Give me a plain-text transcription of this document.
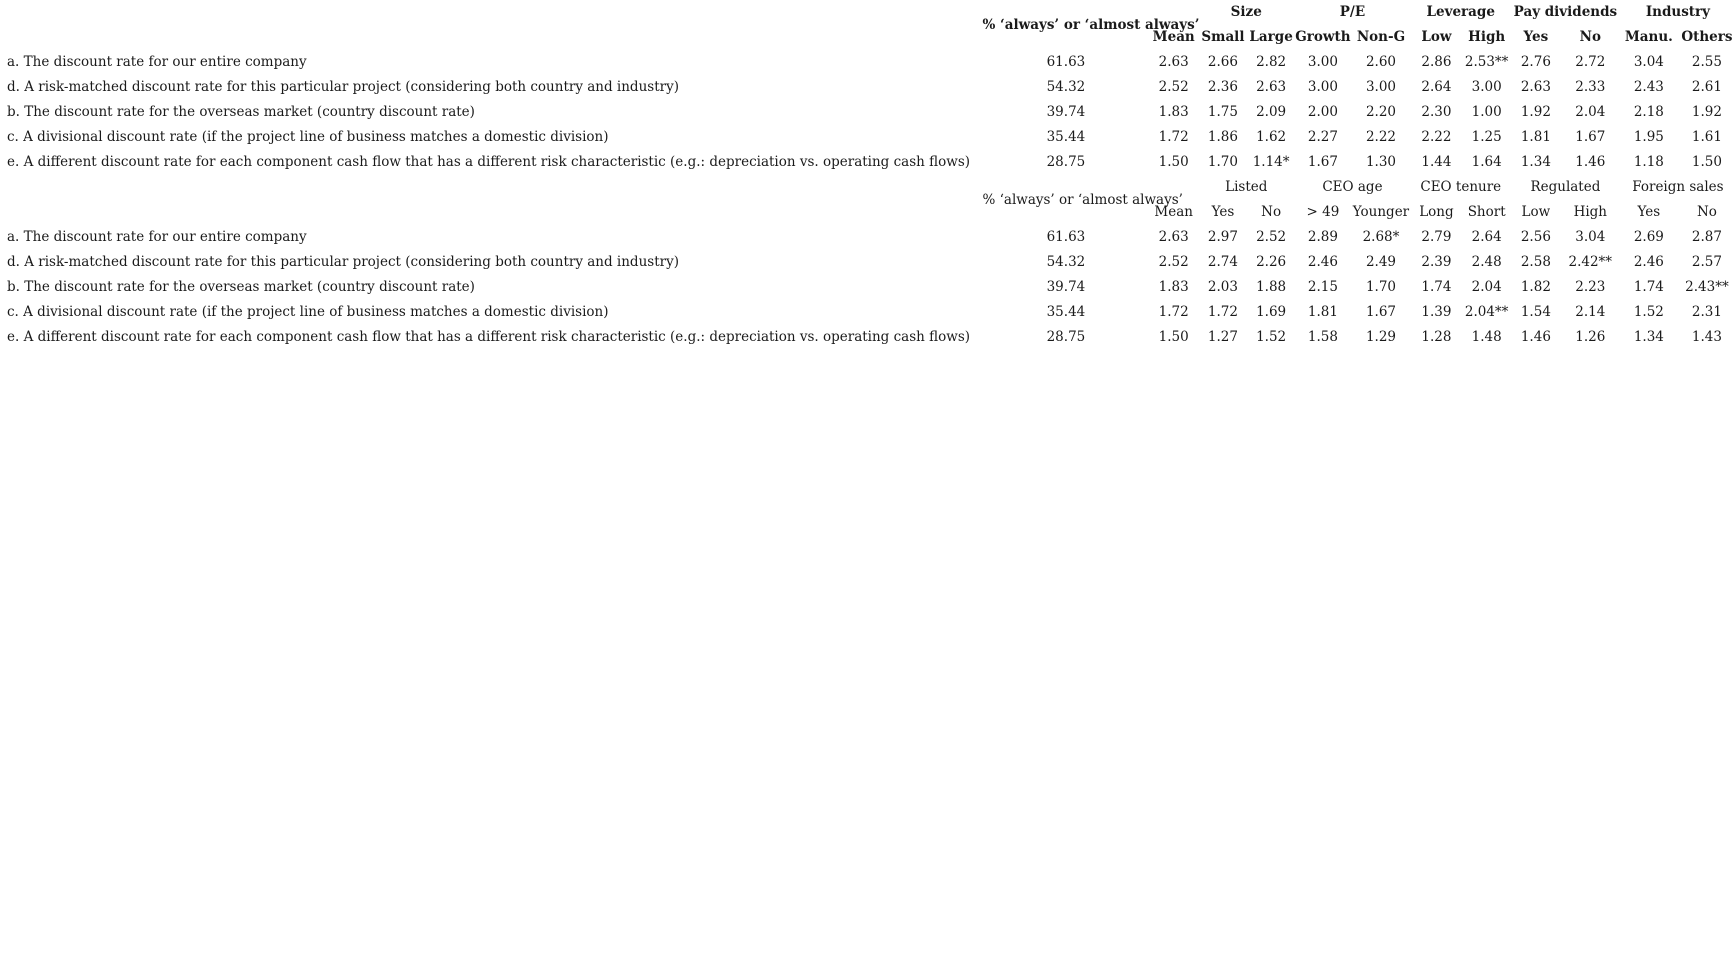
	% ‘always’ or ‘almost always’		Size		P/E		Leverage		Pay dividends		Industry	
		Mean	Small	Large	Growth	Non-G	Low	High	Yes	No	Manu.	Others
a. The discount rate for our entire company	61.63	2.63	2.66	2.82	3.00	2.60	2.86	2.53**	2.76	2.72	3.04	2.55
d. A risk-matched discount rate for this particular project (considering both country and industry)	54.32	2.52	2.36	2.63	3.00	3.00	2.64	3.00	2.63	2.33	2.43	2.61
b. The discount rate for the overseas market (country discount rate)	39.74	1.83	1.75	2.09	2.00	2.20	2.30	1.00	1.92	2.04	2.18	1.92
c. A divisional discount rate (if the project line of business matches a domestic division)	35.44	1.72	1.86	1.62	2.27	2.22	2.22	1.25	1.81	1.67	1.95	1.61
e. A different discount rate for each component cash flow that has a different risk characteristic (e.g.: depreciation vs. operating cash flows)	28.75	1.50	1.70	1.14*	1.67	1.30	1.44	1.64	1.34	1.46	1.18	1.50
	% ‘always’ or ‘almost always’		Listed		CEO age		CEO tenure		Regulated		Foreign sales	
		Mean	Yes	No	> 49	Younger	Long	Short	Low	High	Yes	No
a. The discount rate for our entire company	61.63	2.63	2.97	2.52	2.89	2.68*	2.79	2.64	2.56	3.04	2.69	2.87
d. A risk-matched discount rate for this particular project (considering both country and industry)	54.32	2.52	2.74	2.26	2.46	2.49	2.39	2.48	2.58	2.42**	2.46	2.57
b. The discount rate for the overseas market (country discount rate)	39.74	1.83	2.03	1.88	2.15	1.70	1.74	2.04	1.82	2.23	1.74	2.43**
c. A divisional discount rate (if the project line of business matches a domestic division)	35.44	1.72	1.72	1.69	1.81	1.67	1.39	2.04**	1.54	2.14	1.52	2.31
e. A different discount rate for each component cash flow that has a different risk characteristic (e.g.: depreciation vs. operating cash flows)	28.75	1.50	1.27	1.52	1.58	1.29	1.28	1.48	1.46	1.26	1.34	1.43
